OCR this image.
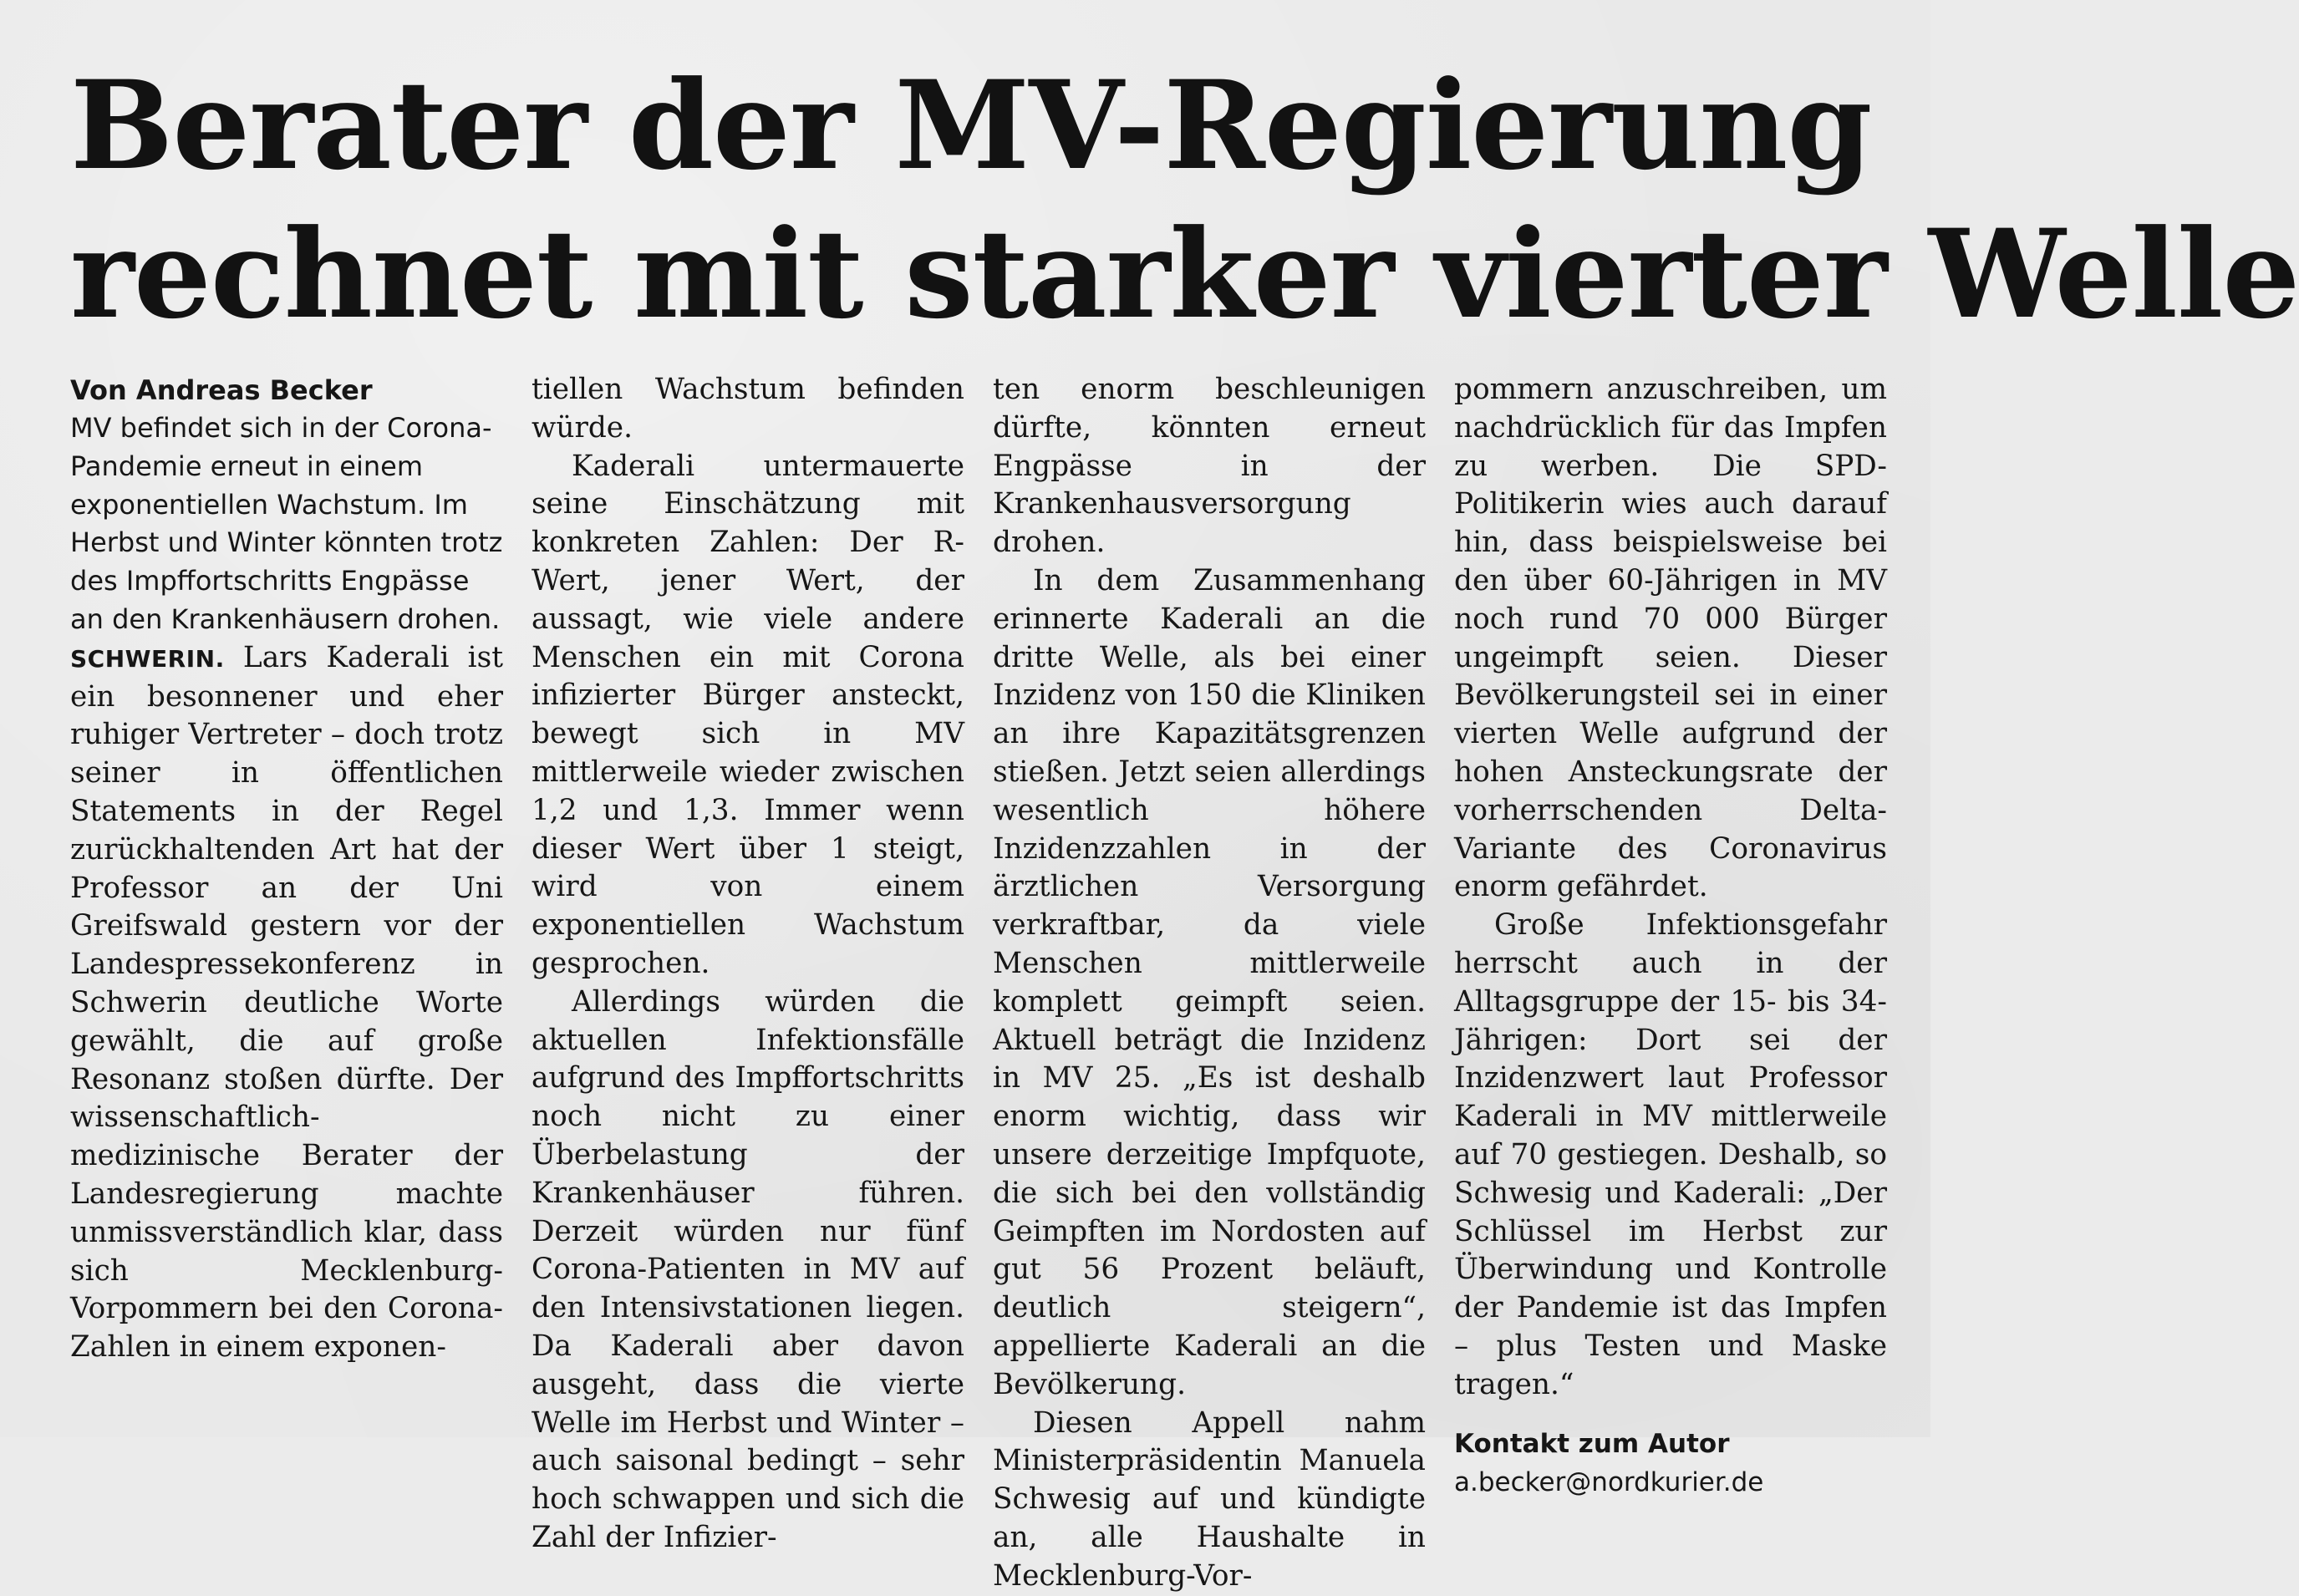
Berater der MV-Regierung
rechnet mit starker vierter Welle

Von Andreas Becker

MV befindet sich in der Corona-Pandemie erneut in einem exponentiellen Wachstum. Im Herbst und Winter könnten trotz des Impffortschritts Engpässe an den Krankenhäusern drohen.

SCHWERIN. Lars Kaderali ist ein besonnener und eher ruhiger Vertreter – doch trotz seiner in öffentlichen Statements in der Regel zurückhaltenden Art hat der Professor an der Uni Greifswald gestern vor der Landespressekonferenz in Schwerin deutliche Worte gewählt, die auf große Resonanz stoßen dürfte. Der wissenschaftlich-medizinische Berater der Landesregierung machte unmissverständlich klar, dass sich Mecklenburg-Vorpommern bei den Corona-Zahlen in einem exponen-

tiellen Wachstum befinden würde.

Kaderali untermauerte seine Einschätzung mit konkreten Zahlen: Der R-Wert, jener Wert, der aussagt, wie viele andere Menschen ein mit Corona infizierter Bürger ansteckt, bewegt sich in MV mittlerweile wieder zwischen 1,2 und 1,3. Immer wenn dieser Wert über 1 steigt, wird von einem exponentiellen Wachstum gesprochen.

Allerdings würden die aktuellen Infektionsfälle aufgrund des Impffortschritts noch nicht zu einer Überbelastung der Krankenhäuser führen. Derzeit würden nur fünf Corona-Patienten in MV auf den Intensivstationen liegen. Da Kaderali aber davon ausgeht, dass die vierte Welle im Herbst und Winter – auch saisonal bedingt – sehr hoch schwappen und sich die Zahl der Infizier-

ten enorm beschleunigen dürfte, könnten erneut Engpässe in der Krankenhausversorgung drohen.

In dem Zusammenhang erinnerte Kaderali an die dritte Welle, als bei einer Inzidenz von 150 die Kliniken an ihre Kapazitätsgrenzen stießen. Jetzt seien allerdings wesentlich höhere Inzidenzzahlen in der ärztlichen Versorgung verkraftbar, da viele Menschen mittlerweile komplett geimpft seien. Aktuell beträgt die Inzidenz in MV 25. „Es ist deshalb enorm wichtig, dass wir unsere derzeitige Impfquote, die sich bei den vollständig Geimpften im Nordosten auf gut 56 Prozent beläuft, deutlich steigern“, appellierte Kaderali an die Bevölkerung.

Diesen Appell nahm Ministerpräsidentin Manuela Schwesig auf und kündigte an, alle Haushalte in Mecklenburg-Vor-

pommern anzuschreiben, um nachdrücklich für das Impfen zu werben. Die SPD-Politikerin wies auch darauf hin, dass beispielsweise bei den über 60-Jährigen in MV noch rund 70 000 Bürger ungeimpft seien. Dieser Bevölkerungsteil sei in einer vierten Welle aufgrund der hohen Ansteckungsrate der vorherrschenden Delta-Variante des Coronavirus enorm gefährdet.

Große Infektionsgefahr herrscht auch in der Alltagsgruppe der 15- bis 34-Jährigen: Dort sei der Inzidenzwert laut Professor Kaderali in MV mittlerweile auf 70 gestiegen. Deshalb, so Schwesig und Kaderali: „Der Schlüssel im Herbst zur Überwindung und Kontrolle der Pandemie ist das Impfen – plus Testen und Maske tragen.“

Kontakt zum Autor
a.becker@nordkurier.de
